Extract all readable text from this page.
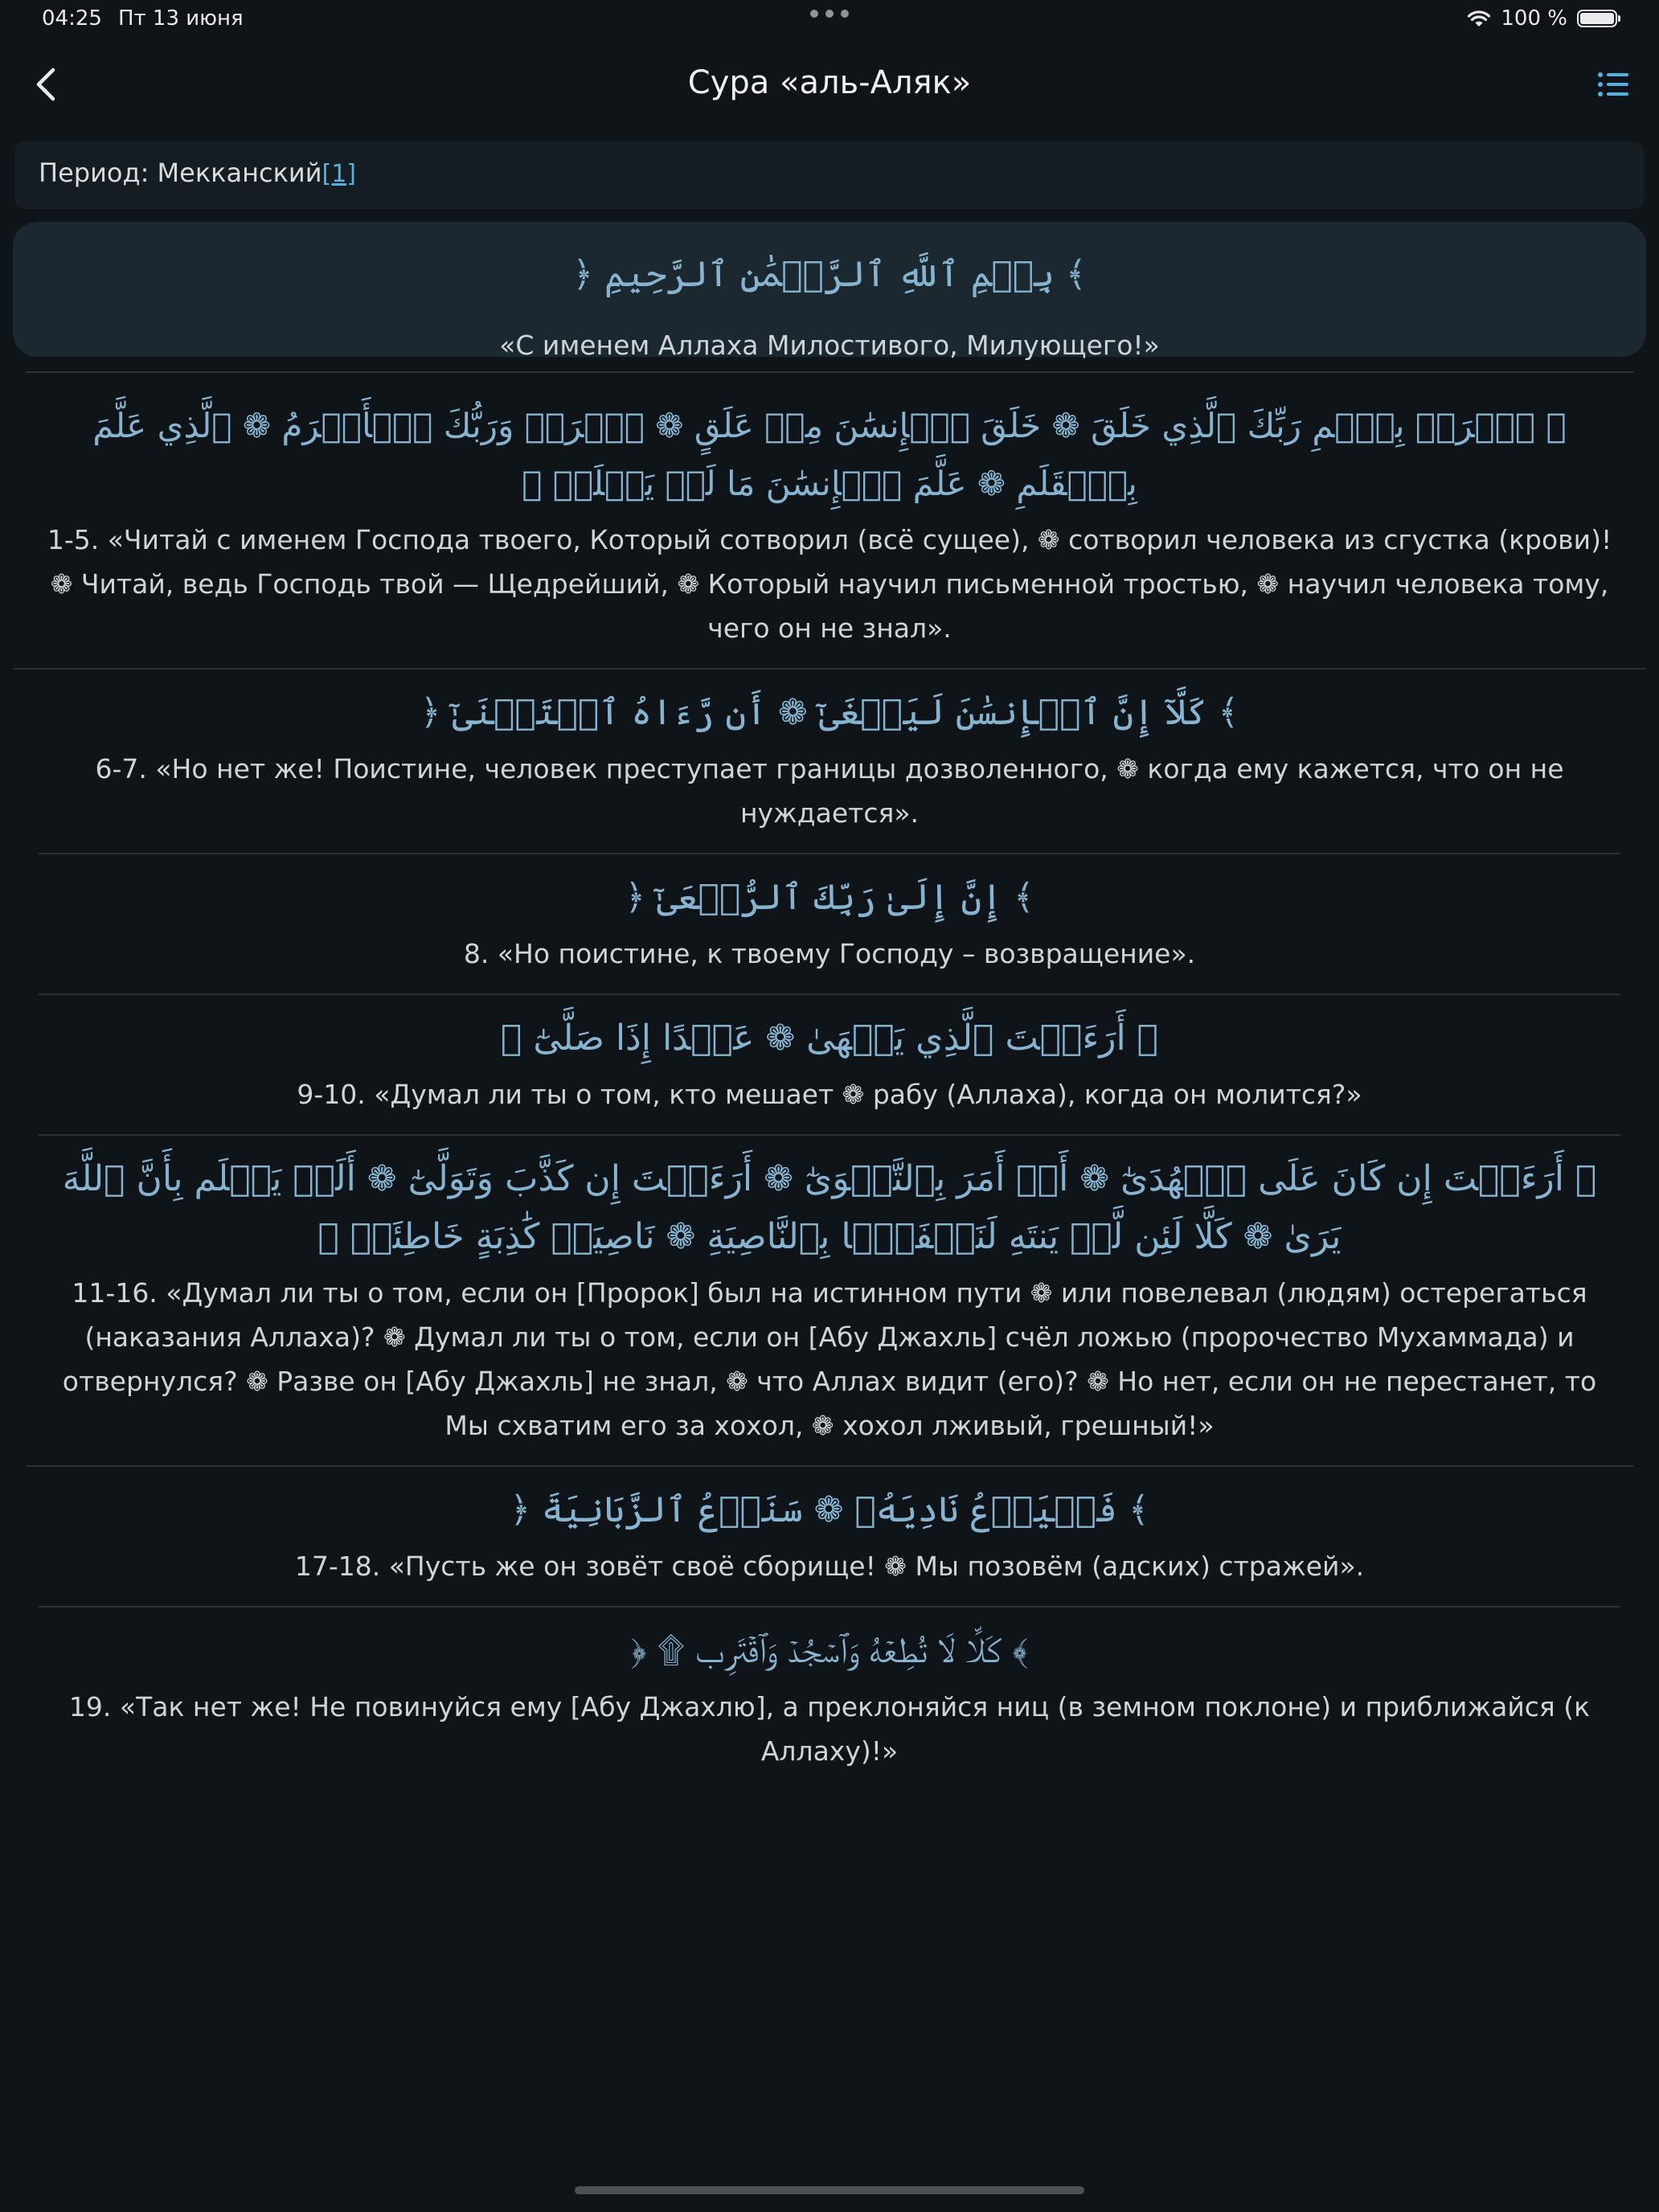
04:25 Пт 13 июня	100 %
Сура «аль-Аляк»
Период: Мекканский[1]
﴾ بِسۡمِ ٱللَّهِ ٱلرَّحۡمَٰنِ ٱلرَّحِيمِ ﴿
«С именем Аллаха Милостивого, Милующего!»
﴾ ٱقۡرَأۡ بِٱسۡمِ رَبِّكَ ٱلَّذِي خَلَقَ ❁ خَلَقَ ٱلۡإِنسَٰنَ مِنۡ عَلَقٍ ❁ ٱقۡرَأۡ وَرَبُّكَ ٱلۡأَكۡرَمُ ❁ ٱلَّذِي عَلَّمَ بِٱلۡقَلَمِ ❁ عَلَّمَ ٱلۡإِنسَٰنَ مَا لَمۡ يَعۡلَمۡ ﴿
1-5. «Читай с именем Господа твоего, Который сотворил (всё сущее), ❁ сотворил человека из сгустка (крови)! ❁ Читай, ведь Господь твой — Щедрейший, ❁ Который научил письменной тростью, ❁ научил человека тому, чего он не знал».
﴾ كَلَّآ إِنَّ ٱلۡإِنسَٰنَ لَيَطۡغَىٰٓ ❁ أَن رَّءَاهُ ٱسۡتَغۡنَىٰٓ ﴿
6-7. «Но нет же! Поистине, человек преступает границы дозволенного, ❁ когда ему кажется, что он не нуждается».
﴾ إِنَّ إِلَىٰ رَبِّكَ ٱلرُّجۡعَىٰٓ ﴿
8. «Но поистине, к твоему Господу – возвращение».
﴾ أَرَءَيۡتَ ٱلَّذِي يَنۡهَىٰ ❁ عَبۡدًا إِذَا صَلَّىٰٓ ﴿
9-10. «Думал ли ты о том, кто мешает ❁ рабу (Аллаха), когда он молится?»
﴾ أَرَءَيۡتَ إِن كَانَ عَلَى ٱلۡهُدَىٰٓ ❁ أَوۡ أَمَرَ بِٱلتَّقۡوَىٰٓ ❁ أَرَءَيۡتَ إِن كَذَّبَ وَتَوَلَّىٰٓ ❁ أَلَمۡ يَعۡلَم بِأَنَّ ٱللَّهَ يَرَىٰ ❁ كَلَّا لَئِن لَّمۡ يَنتَهِ لَنَسۡفَعَۢا بِٱلنَّاصِيَةِ ❁ نَاصِيَةٖ كَٰذِبَةٍ خَاطِئَةٖ ﴿
11-16. «Думал ли ты о том, если он [Пророк] был на истинном пути ❁ или повелевал (людям) остерегаться (наказания Аллаха)? ❁ Думал ли ты о том, если он [Абу Джахль] счёл ложью (пророчество Мухаммада) и отвернулся? ❁ Разве он [Абу Джахль] не знал, ❁ что Аллах видит (его)? ❁ Но нет, если он не перестанет, то Мы схватим его за хохол, ❁ хохол лживый, грешный!»
﴾ فَلۡيَدۡعُ نَادِيَهُۥ ❁ سَنَدۡعُ ٱلزَّبَانِيَةَ ﴿
17-18. «Пусть же он зовёт своё сборище! ❁ Мы позовём (адских) стражей».
﴾ كَلَّا لَا تُطِعۡهُ وَٱسۡجُدۡ وَٱقۡتَرِب ۩ ﴿
19. «Так нет же! Не повинуйся ему [Абу Джахлю], а преклоняйся ниц (в земном поклоне) и приближайся (к Аллаху)!»
